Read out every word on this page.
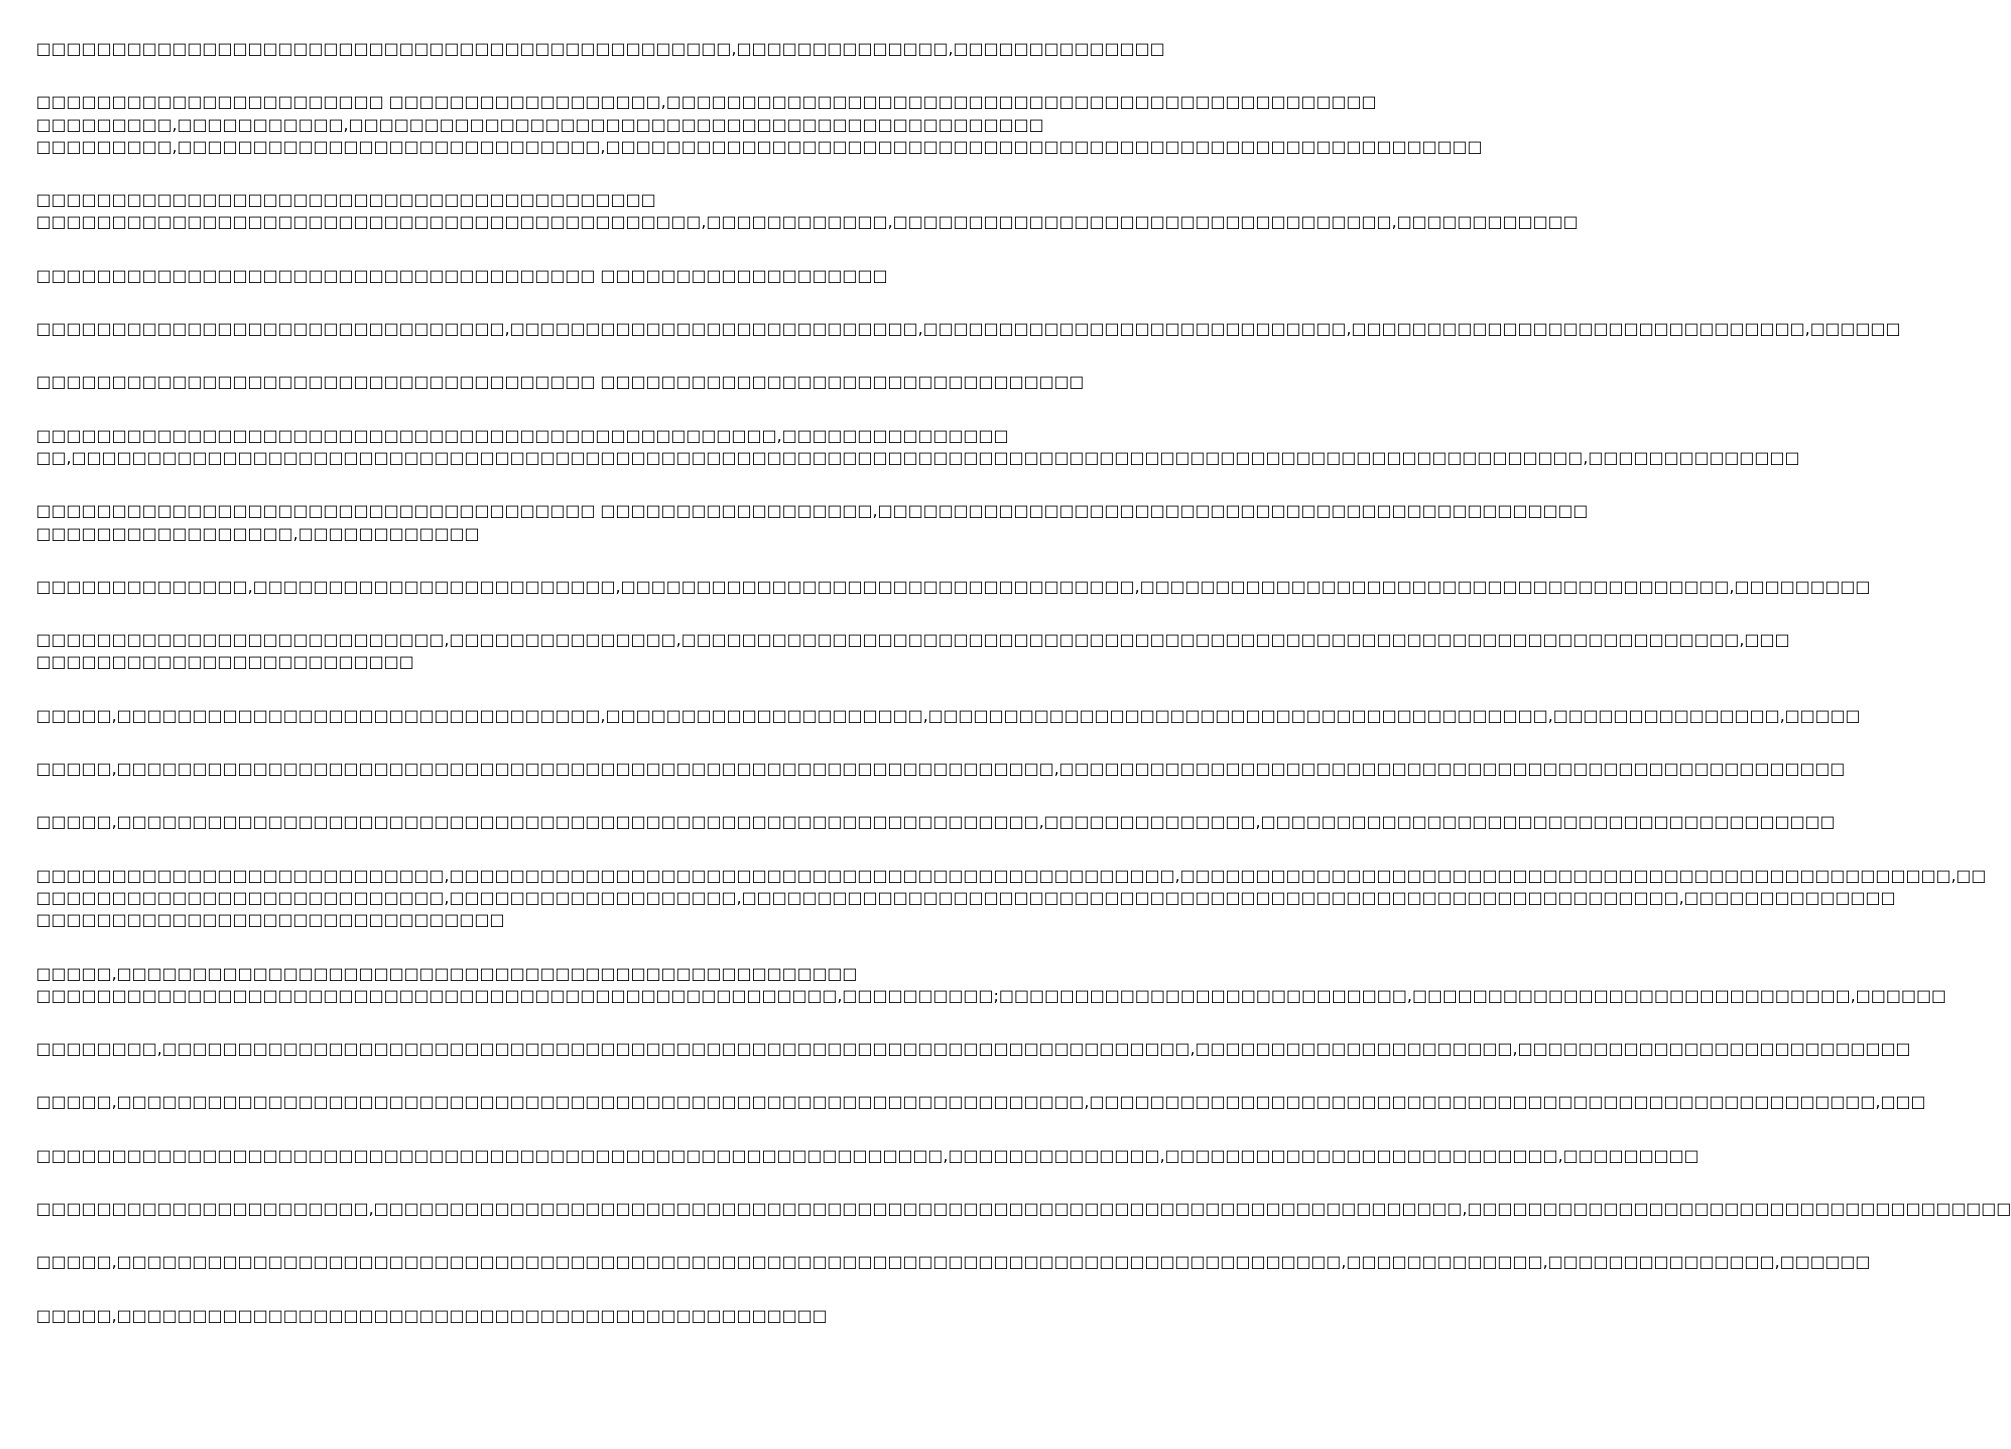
□□□□□□□□□□□□□□□□□□□□□□□□□□□□□□□□□□□□□□□□□□□□□□,□□□□□□□□□□□□□□,□□□□□□□□□□□□□□
□□□□□□□□□□□□□□□□□□□□□□□ □□□□□□□□□□□□□□□□□□,□□□□□□□□□□□□□□□□□□□□□□□□□□□□□□□□□□□□□□□□□□□□□□□
□□□□□□□□□,□□□□□□□□□□□,□□□□□□□□□□□□□□□□□□□□□□□□□□□□□□□□□□□□□□□□□□□□□□
□□□□□□□□□,□□□□□□□□□□□□□□□□□□□□□□□□□□□□,□□□□□□□□□□□□□□□□□□□□□□□□□□□□□□□□□□□□□□□□□□□□□□□□□□□□□□□□□□
□□□□□□□□□□□□□□□□□□□□□□□□□□□□□□□□□□□□□□□□□
□□□□□□□□□□□□□□□□□□□□□□□□□□□□□□□□□□□□□□□□□□□□,□□□□□□□□□□□□,□□□□□□□□□□□□□□□□□□□□□□□□□□□□□□□□□,□□□□□□□□□□□□
□□□□□□□□□□□□□□□□□□□□□□□□□□□□□□□□□□□□□ □□□□□□□□□□□□□□□□□□□
□□□□□□□□□□□□□□□□□□□□□□□□□□□□□□□,□□□□□□□□□□□□□□□□□□□□□□□□□□□,□□□□□□□□□□□□□□□□□□□□□□□□□□□□,□□□□□□□□□□□□□□□□□□□□□□□□□□□□□□,□□□□□□
□□□□□□□□□□□□□□□□□□□□□□□□□□□□□□□□□□□□□ □□□□□□□□□□□□□□□□□□□□□□□□□□□□□□□□
□□□□□□□□□□□□□□□□□□□□□□□□□□□□□□□□□□□□□□□□□□□□□□□□□,□□□□□□□□□□□□□□□
□□,□□□□□□□□□□□□□□□□□□□□□□□□□□□□□□□□□□□□□□□□□□□□□□□□□□□□□□□□□□□□□□□□□□□□□□□□□□□□□□□□□□□□□□□□□□□□□□□□□□□□,□□□□□□□□□□□□□□
□□□□□□□□□□□□□□□□□□□□□□□□□□□□□□□□□□□□□ □□□□□□□□□□□□□□□□□□,□□□□□□□□□□□□□□□□□□□□□□□□□□□□□□□□□□□□□□□□□□□□□□□
□□□□□□□□□□□□□□□□□,□□□□□□□□□□□□
□□□□□□□□□□□□□□,□□□□□□□□□□□□□□□□□□□□□□□□,□□□□□□□□□□□□□□□□□□□□□□□□□□□□□□□□□□,□□□□□□□□□□□□□□□□□□□□□□□□□□□□□□□□□□□□□□□,□□□□□□□□□
□□□□□□□□□□□□□□□□□□□□□□□□□□□,□□□□□□□□□□□□□□□,□□□□□□□□□□□□□□□□□□□□□□□□□□□□□□□□□□□□□□□□□□□□□□□□□□□□□□□□□□□□□□□□□□□□□□,□□□
□□□□□□□□□□□□□□□□□□□□□□□□□
□□□□□,□□□□□□□□□□□□□□□□□□□□□□□□□□□□□□□□,□□□□□□□□□□□□□□□□□□□□□,□□□□□□□□□□□□□□□□□□□□□□□□□□□□□□□□□□□□□□□□□,□□□□□□□□□□□□□□□,□□□□□
□□□□□,□□□□□□□□□□□□□□□□□□□□□□□□□□□□□□□□□□□□□□□□□□□□□□□□□□□□□□□□□□□□□□,□□□□□□□□□□□□□□□□□□□□□□□□□□□□□□□□□□□□□□□□□□□□□□□□□□□□
□□□□□,□□□□□□□□□□□□□□□□□□□□□□□□□□□□□□□□□□□□□□□□□□□□□□□□□□□□□□□□□□□□□,□□□□□□□□□□□□□□,□□□□□□□□□□□□□□□□□□□□□□□□□□□□□□□□□□□□□□
□□□□□□□□□□□□□□□□□□□□□□□□□□□,□□□□□□□□□□□□□□□□□□□□□□□□□□□□□□□□□□□□□□□□□□□□□□□□,□□□□□□□□□□□□□□□□□□□□□□□□□□□□□□□□□□□□□□□□□□□□□□□□□□□,□□
□□□□□□□□□□□□□□□□□□□□□□□□□□□,□□□□□□□□□□□□□□□□□□□,□□□□□□□□□□□□□□□□□□□□□□□□□□□□□□□□□□□□□□□□□□□□□□□□□□□□□□□□□□□□□□,□□□□□□□□□□□□□□
□□□□□□□□□□□□□□□□□□□□□□□□□□□□□□□
□□□□□,□□□□□□□□□□□□□□□□□□□□□□□□□□□□□□□□□□□□□□□□□□□□□□□□□
□□□□□□□□□□□□□□□□□□□□□□□□□□□□□□□□□□□□□□□□□□□□□□□□□□□□□,□□□□□□□□□□;□□□□□□□□□□□□□□□□□□□□□□□□□□□,□□□□□□□□□□□□□□□□□□□□□□□□□□□□□,□□□□□□
□□□□□□□□,□□□□□□□□□□□□□□□□□□□□□□□□□□□□□□□□□□□□□□□□□□□□□□□□□□□□□□□□□□□□□□□□□□□□,□□□□□□□□□□□□□□□□□□□□□,□□□□□□□□□□□□□□□□□□□□□□□□□□
□□□□□,□□□□□□□□□□□□□□□□□□□□□□□□□□□□□□□□□□□□□□□□□□□□□□□□□□□□□□□□□□□□□□□□,□□□□□□□□□□□□□□□□□□□□□□□□□□□□□□□□□□□□□□□□□□□□□□□□□□□□,□□□
□□□□□□□□□□□□□□□□□□□□□□□□□□□□□□□□□□□□□□□□□□□□□□□□□□□□□□□□□□□□,□□□□□□□□□□□□□□,□□□□□□□□□□□□□□□□□□□□□□□□□□,□□□□□□□□□
□□□□□□□□□□□□□□□□□□□□□□,□□□□□□□□□□□□□□□□□□□□□□□□□□□□□□□□□□□□□□□□□□□□□□□□□□□□□□□□□□□□□□□□□□□□□□□□,□□□□□□□□□□□□□□□□□□□□□□□□□□□□□□□□□□□□
□□□□□,□□□□□□□□□□□□□□□□□□□□□□□□□□□□□□□□□□□□□□□□□□□□□□□□□□□□□□□□□□□□□□□□□□□□□□□□□□□□□□□□□,□□□□□□□□□□□□□,□□□□□□□□□□□□□□□,□□□□□□
□□□□□,□□□□□□□□□□□□□□□□□□□□□□□□□□□□□□□□□□□□□□□□□□□□□□□
